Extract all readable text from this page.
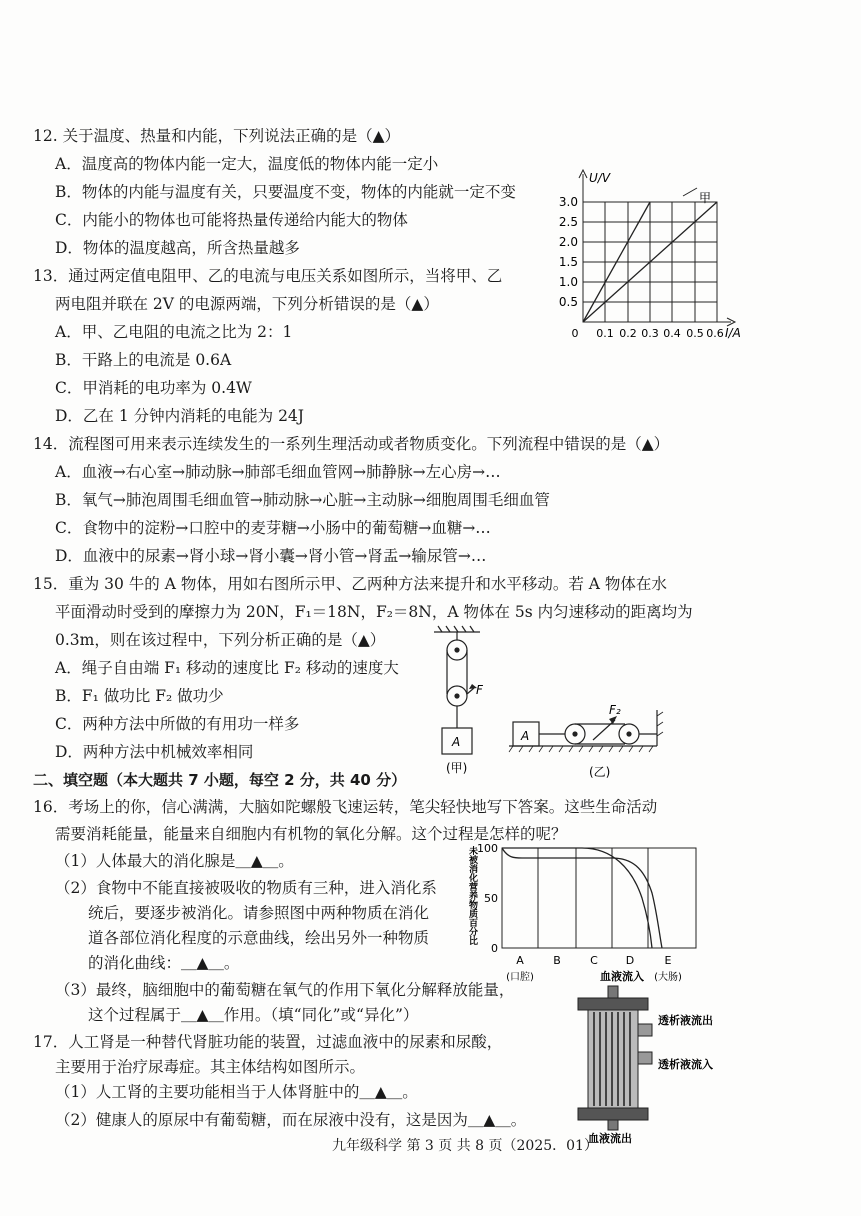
12. 关于温度、热量和内能，下列说法正确的是（▲）
A．温度高的物体内能一定大，温度低的物体内能一定小
B．物体的内能与温度有关，只要温度不变，物体的内能就一定不变
C．内能小的物体也可能将热量传递给内能大的物体
D．物体的温度越高，所含热量越多
13．通过两定值电阻甲、乙的电流与电压关系如图所示，当将甲、乙
两电阻并联在 2V 的电源两端，下列分析错误的是（▲）
A．甲、乙电阻的电流之比为 2：1
B．干路上的电流是 0.6A
C．甲消耗的电功率为 0.4W
D．乙在 1 分钟内消耗的电能为 24J
U/V
甲
3.0
2.5
2.0
1.5
1.0
0.5
0 0.1 0.2 0.3 0.4 0.5 0.6 I/A
14．流程图可用来表示连续发生的一系列生理活动或者物质变化。下列流程中错误的是（▲）
A．血液→右心室→肺动脉→肺部毛细血管网→肺静脉→左心房→…
B．氧气→肺泡周围毛细血管→肺动脉→心脏→主动脉→细胞周围毛细血管
C．食物中的淀粉→口腔中的麦芽糖→小肠中的葡萄糖→血糖→…
D．血液中的尿素→肾小球→肾小囊→肾小管→肾盂→输尿管→…
15．重为 30 牛的 A 物体，用如右图所示甲、乙两种方法来提升和水平移动。若 A 物体在水
平面滑动时受到的摩擦力为 20N，F₁＝18N，F₂＝8N，A 物体在 5s 内匀速移动的距离均为
0.3m，则在该过程中，下列分析正确的是（▲）
A．绳子自由端 F₁ 移动的速度比 F₂ 移动的速度大
B．F₁ 做功比 F₂ 做功少
C．两种方法中所做的有用功一样多
D．两种方法中机械效率相同
F
A
(甲)
F₂
A
(乙)
二、填空题（本大题共 7 小题，每空 2 分，共 40 分）
16．考场上的你，信心满满，大脑如陀螺般飞速运转，笔尖轻快地写下答案。这些生命活动
需要消耗能量，能量来自细胞内有机物的氧化分解。这个过程是怎样的呢？
（1）人体最大的消化腺是＿▲＿。
（2）食物中不能直接被吸收的物质有三种，进入消化系
统后，要逐步被消化。请参照图中两种物质在消化
道各部位消化程度的示意曲线，绘出另外一种物质
的消化曲线：＿▲＿。
（3）最终，脑细胞中的葡萄糖在氧气的作用下氧化分解释放能量，
这个过程属于＿▲＿作用。（填“同化”或“异化”）
未被消化营养物质百分比 100
50
0
A	B	C	D	E
(口腔)	(大肠)
17．人工肾是一种替代肾脏功能的装置，过滤血液中的尿素和尿酸，
主要用于治疗尿毒症。其主体结构如图所示。
（1）人工肾的主要功能相当于人体肾脏中的＿▲＿。
（2）健康人的原尿中有葡萄糖，而在尿液中没有，这是因为＿▲＿。
血液流入
血液流出
透析液流出
透析液流入
九年级科学 第 3 页 共 8 页（2025．01）
